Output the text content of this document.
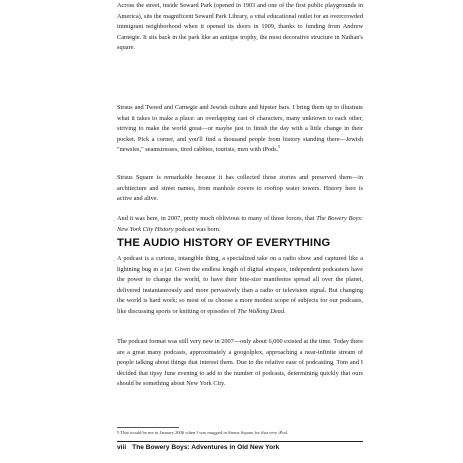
Across the street, inside Seward Park (opened in 1903 and one of the first public playgrounds in America), sits the magnificent Seward Park Library, a vital educational outlet for an overcrowded immigrant neighborhood when it opened its doors in 1909, thanks to funding from Andrew Carnegie. It sits back in the park like an antique trophy, the most decorative structure in Nathan's square.
Straus and Tweed and Carnegie and Jewish culture and hipster bars. I bring them up to illustrate what it takes to make a place: an overlapping cast of characters, many unknown to each other, striving to make the world great—or maybe just to finish the day with a little change in their pocket. Pick a corner, and you'll find a thousand people from history standing there—Jewish "newsies," seamstresses, tired cabbies, tourists, men with iPods.$^5$
Straus Square is remarkable because it has collected those stories and preserved them—in architecture and street names, from manhole covers to rooftop water towers. History here is active and alive.
And it was here, in 2007, pretty much oblivious to many of those forces, that The Bowery Boys: New York City History podcast was born.
THE AUDIO HISTORY OF EVERYTHING
A podcast is a curious, intangible thing, a specialized take on a radio show and captured like a lightning bug in a jar. Given the endless length of digital airspace, independent podcasters have the power to change the world, to have their bite-size manifestos spread all over the planet, delivered instantaneously and more pervasively than a radio or television signal. But changing the world is hard work; so most of us choose a more modest scope of subjects for our podcasts, like discussing sports or knitting or episodes of The Walking Dead.
The podcast format was still very new in 2007—only about 6,000 existed at the time. Today there are a great many podcasts, approximately a googolplex, approaching a near-infinite stream of people talking about things that interest them. Due to the relative ease of podcasting, Tom and I decided that tipsy June evening to add to the number of podcasts, determining quickly that ours should be something about New York City.
5 That would be me in January 2006 when I was mugged in Straus Square for that very iPod.
viii The Bowery Boys: Adventures in Old New York
